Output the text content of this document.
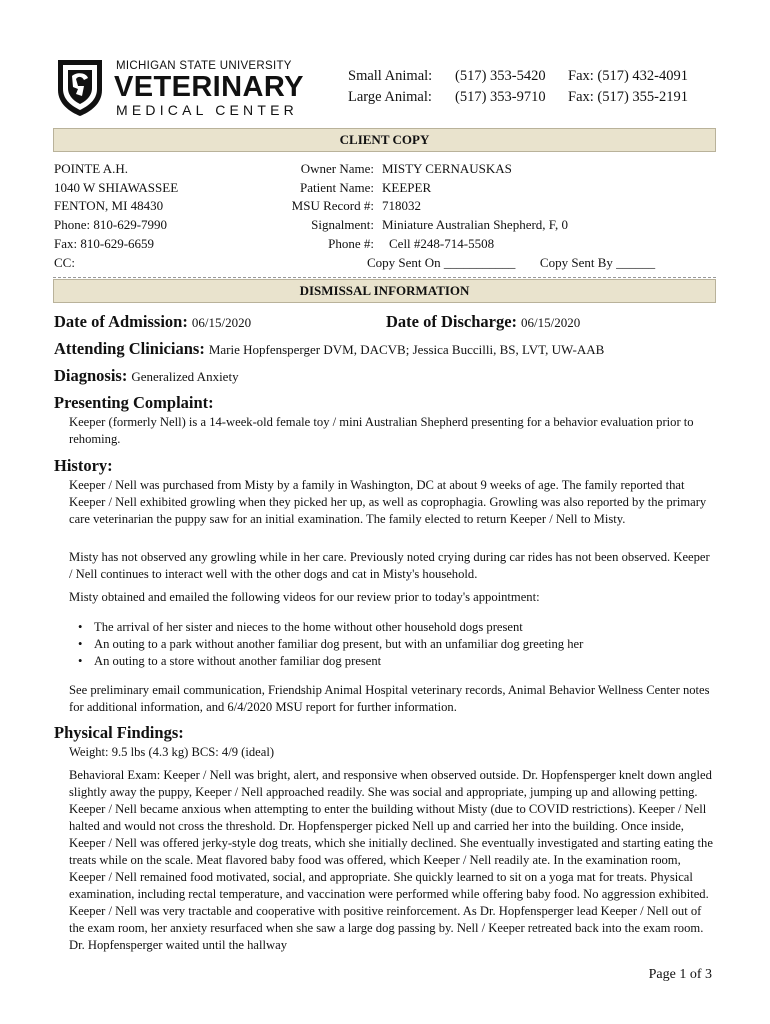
MICHIGAN STATE UNIVERSITY
VETERINARY
MEDICAL CENTER
Small Animal: (517) 353-5420 Fax: (517) 432-4091
Large Animal: (517) 353-9710 Fax: (517) 355-2191
CLIENT COPY
POINTE A.H.
1040 W SHIAWASSEE
FENTON, MI 48430
Phone: 810-629-7990
Fax: 810-629-6659
CC:
Owner Name: MISTY CERNAUSKAS
Patient Name: KEEPER
MSU Record #: 718032
Signalment: Miniature Australian Shepherd, F, 0
Phone #: Cell #248-714-5508
Copy Sent On ___________ Copy Sent By ______
DISMISSAL INFORMATION
Date of Admission: 06/15/2020	Date of Discharge: 06/15/2020
Attending Clinicians: Marie Hopfensperger DVM, DACVB; Jessica Buccilli, BS, LVT, UW-AAB
Diagnosis: Generalized Anxiety
Presenting Complaint:
Keeper (formerly Nell) is a 14-week-old female toy / mini Australian Shepherd presenting for a behavior evaluation prior to rehoming.
History:
Keeper / Nell was purchased from Misty by a family in Washington, DC at about 9 weeks of age. The family reported that Keeper / Nell exhibited growling when they picked her up, as well as coprophagia. Growling was also reported by the primary care veterinarian the puppy saw for an initial examination. The family elected to return Keeper / Nell to Misty.
Misty has not observed any growling while in her care. Previously noted crying during car rides has not been observed. Keeper / Nell continues to interact well with the other dogs and cat in Misty's household.
Misty obtained and emailed the following videos for our review prior to today's appointment:
• The arrival of her sister and nieces to the home without other household dogs present
• An outing to a park without another familiar dog present, but with an unfamiliar dog greeting her
• An outing to a store without another familiar dog present
See preliminary email communication, Friendship Animal Hospital veterinary records, Animal Behavior Wellness Center notes for additional information, and 6/4/2020 MSU report for further information.
Physical Findings:
Weight: 9.5 lbs (4.3 kg) BCS: 4/9 (ideal)
Behavioral Exam: Keeper / Nell was bright, alert, and responsive when observed outside. Dr. Hopfensperger knelt down angled slightly away the puppy, Keeper / Nell approached readily. She was social and appropriate, jumping up and allowing petting. Keeper / Nell became anxious when attempting to enter the building without Misty (due to COVID restrictions). Keeper / Nell halted and would not cross the threshold. Dr. Hopfensperger picked Nell up and carried her into the building. Once inside, Keeper / Nell was offered jerky-style dog treats, which she initially declined. She eventually investigated and starting eating the treats while on the scale. Meat flavored baby food was offered, which Keeper / Nell readily ate. In the examination room, Keeper / Nell remained food motivated, social, and appropriate. She quickly learned to sit on a yoga mat for treats. Physical examination, including rectal temperature, and vaccination were performed while offering baby food. No aggression exhibited. Keeper / Nell was very tractable and cooperative with positive reinforcement. As Dr. Hopfensperger lead Keeper / Nell out of the exam room, her anxiety resurfaced when she saw a large dog passing by. Nell / Keeper retreated back into the exam room. Dr. Hopfensperger waited until the hallway
Page 1 of 3
